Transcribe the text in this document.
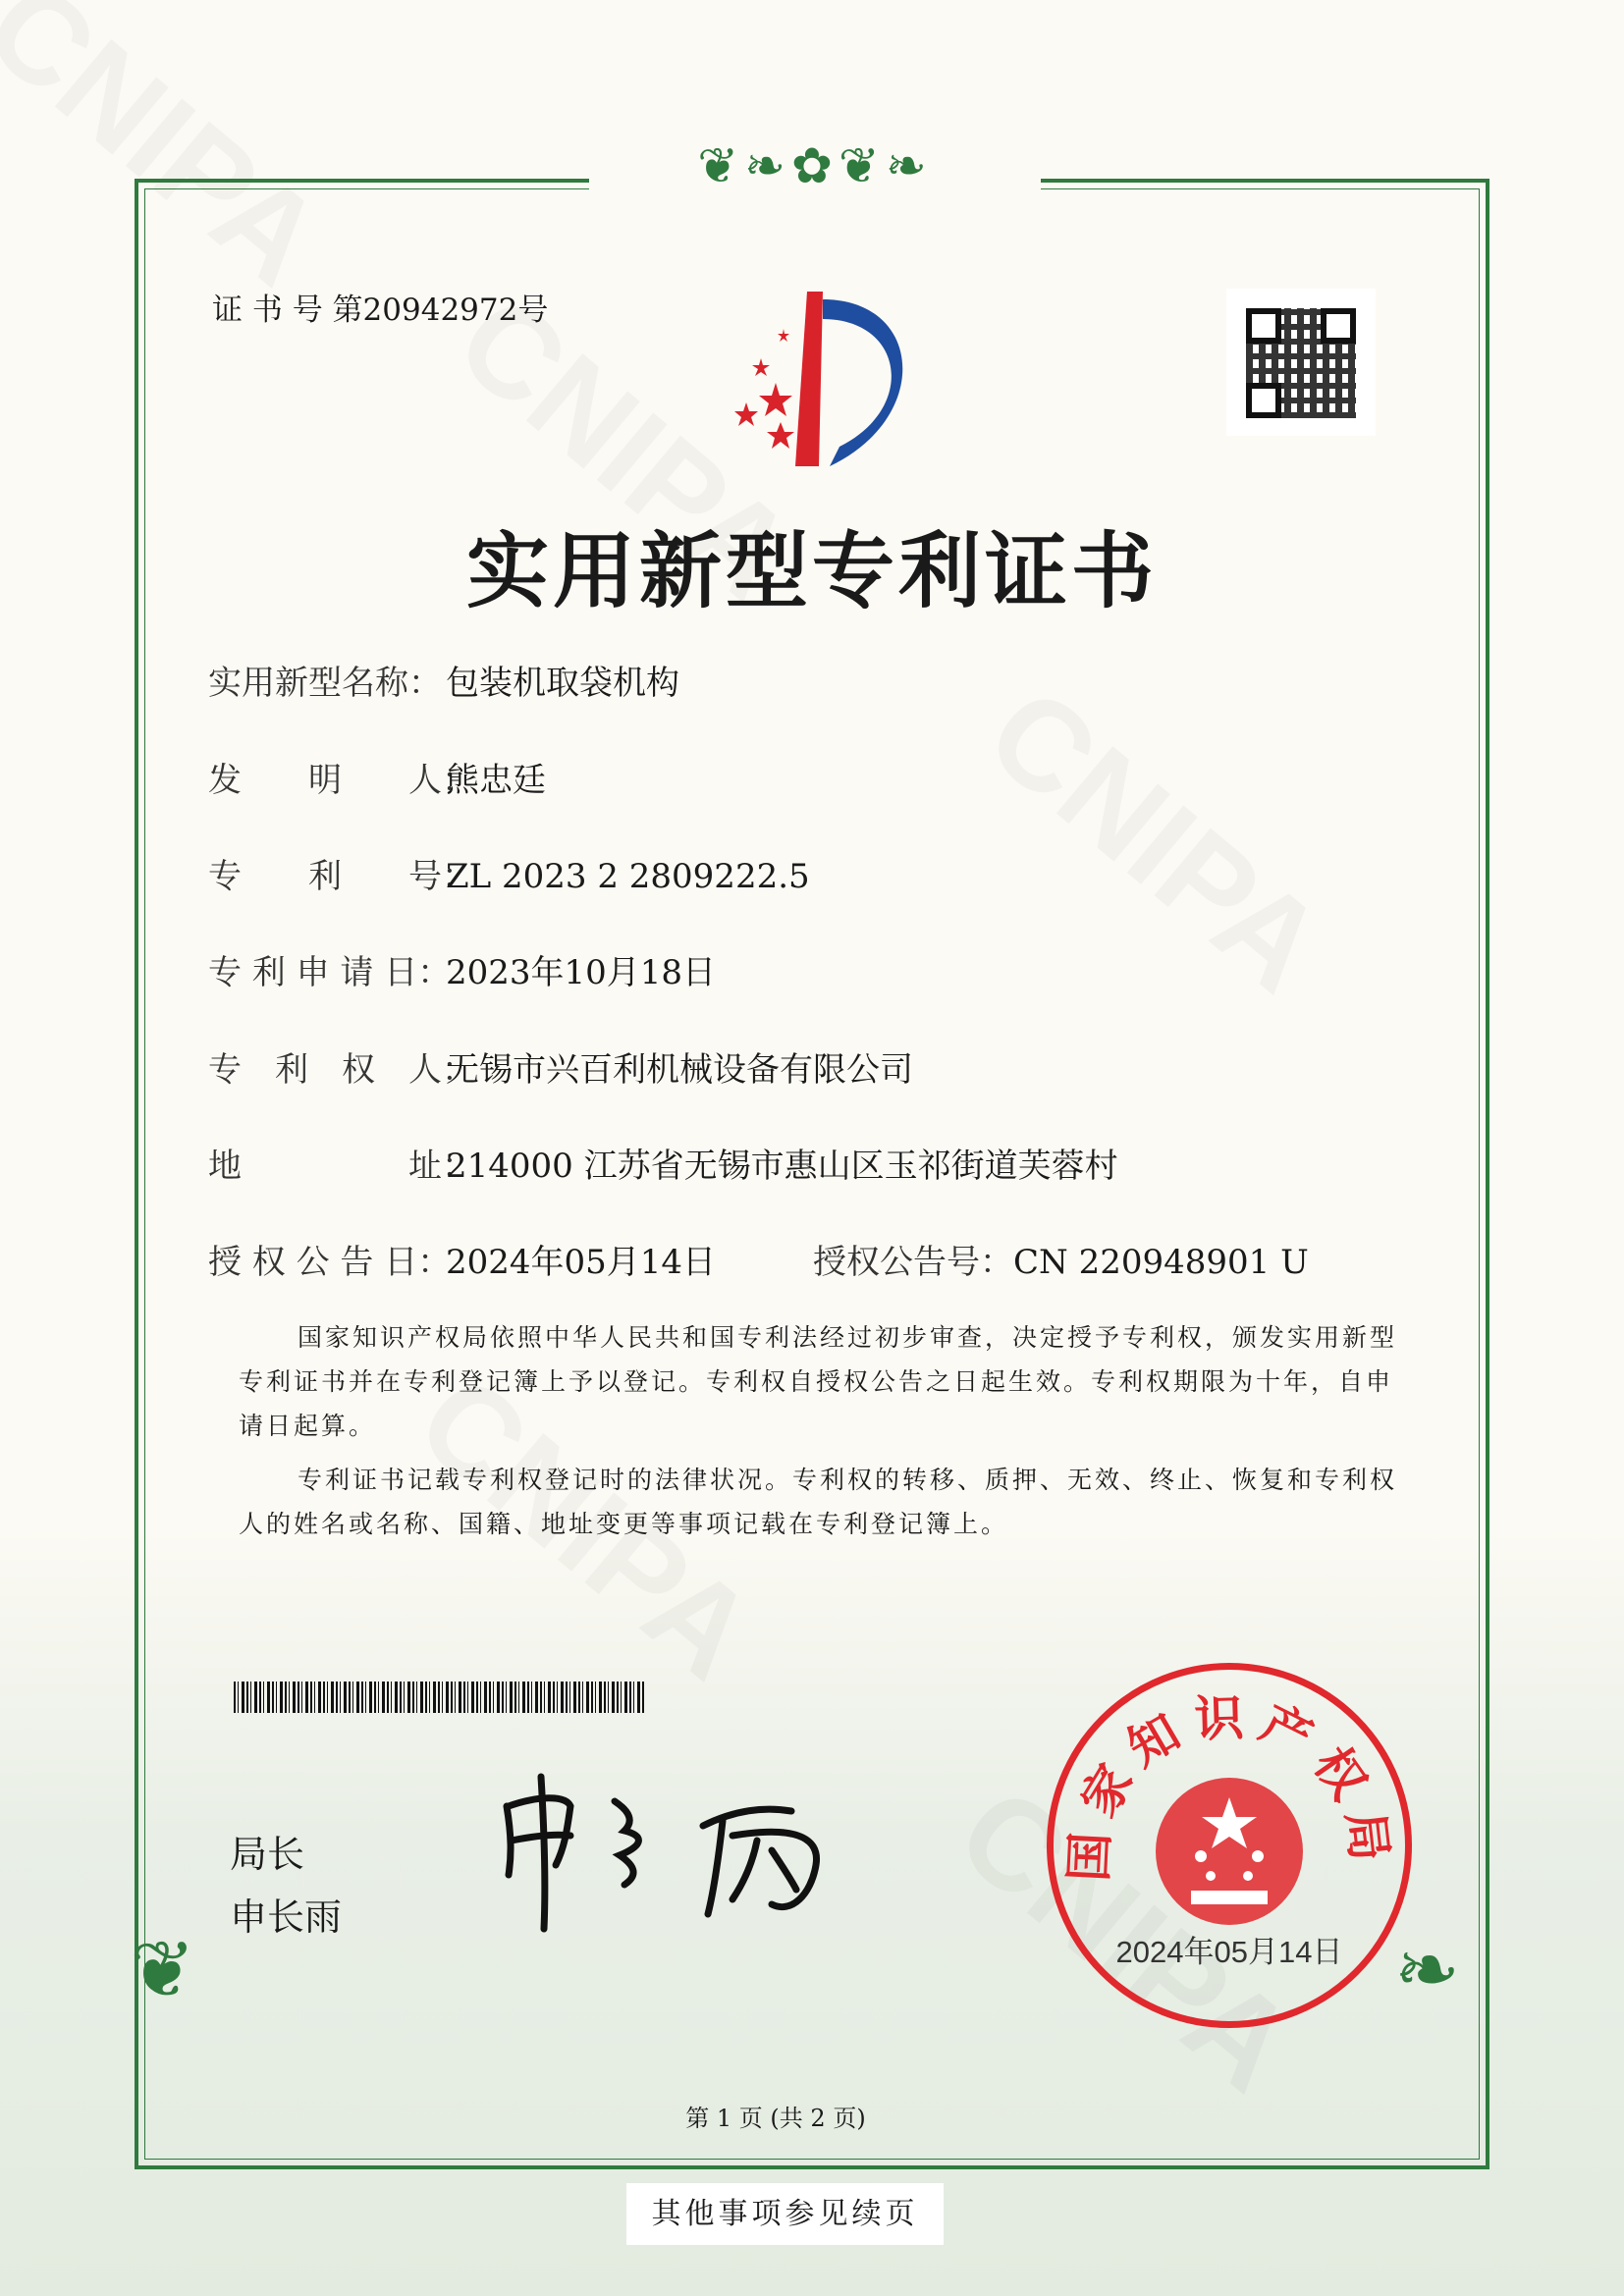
❦❧✿❦❧
❦	❧
证 书 号 第20942972号
实用新型专利证书
实用新型名称： 包装机取袋机构
发　　明　　人：熊忠廷
专　　利　　号：ZL 2023 2 2809222.5
专 利 申 请 日：2023年10月18日
专　利　权　人：无锡市兴百利机械设备有限公司
地　　　　　址：214000 江苏省无锡市惠山区玉祁街道芙蓉村
授 权 公 告 日：2024年05月14日	授权公告号：CN 220948901 U

国家知识产权局依照中华人民共和国专利法经过初步审查，决定授予专利权，颁发实用新型专利证书并在专利登记簿上予以登记。专利权自授权公告之日起生效。专利权期限为十年，自申请日起算。

专利证书记载专利权登记时的法律状况。专利权的转移、质押、无效、终止、恢复和专利权人的姓名或名称、国籍、地址变更等事项记载在专利登记簿上。

局长
申长雨
国家知识产权局
2024年05月14日
第 1 页 (共 2 页)
其他事项参见续页
